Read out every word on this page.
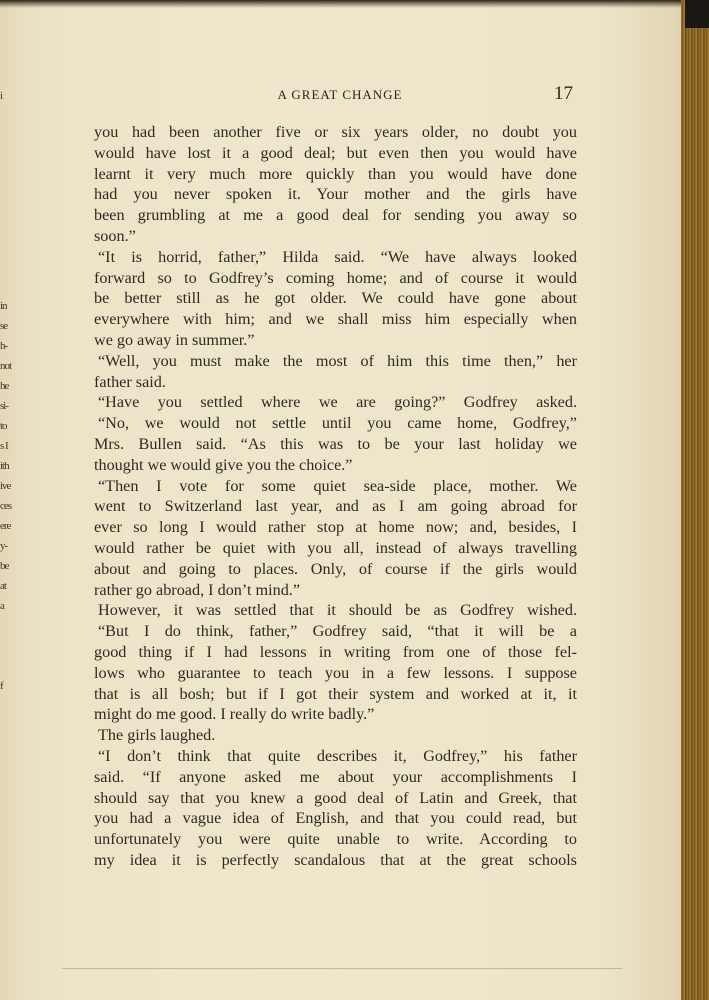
i
in
se
h-
not
he
si-
to
s I
ith
ive
ces
ere
y-
be
at
a
f
A GREAT CHANGE	17

you had been another five or six years older, no doubt you

would have lost it a good deal; but even then you would have

learnt it very much more quickly than you would have done

had you never spoken it. Your mother and the girls have

been grumbling at me a good deal for sending you away so

soon.”

“It is horrid, father,” Hilda said. “We have always looked

forward so to Godfrey’s coming home; and of course it would

be better still as he got older. We could have gone about

everywhere with him; and we shall miss him especially when

we go away in summer.”

“Well, you must make the most of him this time then,” her

father said.

“Have you settled where we are going?” Godfrey asked.

“No, we would not settle until you came home, Godfrey,”

Mrs. Bullen said. “As this was to be your last holiday we

thought we would give you the choice.”

“Then I vote for some quiet sea-side place, mother. We

went to Switzerland last year, and as I am going abroad for

ever so long I would rather stop at home now; and, besides, I

would rather be quiet with you all, instead of always travelling

about and going to places. Only, of course if the girls would

rather go abroad, I don’t mind.”

However, it was settled that it should be as Godfrey wished.

“But I do think, father,” Godfrey said, “that it will be a

good thing if I had lessons in writing from one of those fel-

lows who guarantee to teach you in a few lessons. I suppose

that is all bosh; but if I got their system and worked at it, it

might do me good. I really do write badly.”

The girls laughed.

“I don’t think that quite describes it, Godfrey,” his father

said. “If anyone asked me about your accomplishments I

should say that you knew a good deal of Latin and Greek, that

you had a vague idea of English, and that you could read, but

unfortunately you were quite unable to write. According to

my idea it is perfectly scandalous that at the great schools
